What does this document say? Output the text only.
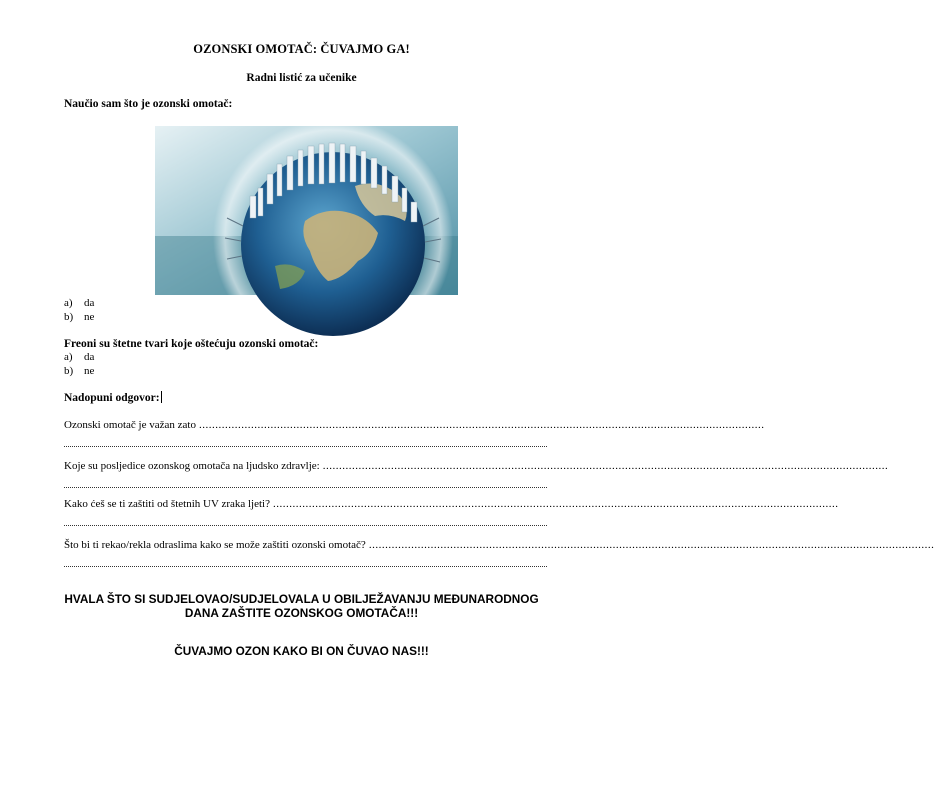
OZONSKI OMOTAČ: ČUVAJMO GA!
Radni listić za učenike
Naučio sam što je ozonski omotač:
a) da
b) ne
Freoni su štetne tvari koje oštećuju ozonski omotač:
a) da
b) ne
Nadopuni odgovor:
Ozonski omotač je važan zato ..............................................................................................................................................................................
Koje su posljedice ozonskog omotača na ljudsko zdravlje: ..............................................................................................................................................................................
Kako ćeš se ti zaštiti od štetnih UV zraka ljeti? ..............................................................................................................................................................................
Što bi ti rekao/rekla odraslima kako se može zaštiti ozonski omotač? ..............................................................................................................................................................................
HVALA ŠTO SI SUDJELOVAO/SUDJELOVALA U OBILJEŽAVANJU MEĐUNARODNOG
DANA ZAŠTITE OZONSKOG OMOTAČA!!!
ČUVAJMO OZON KAKO BI ON ČUVAO NAS!!!
